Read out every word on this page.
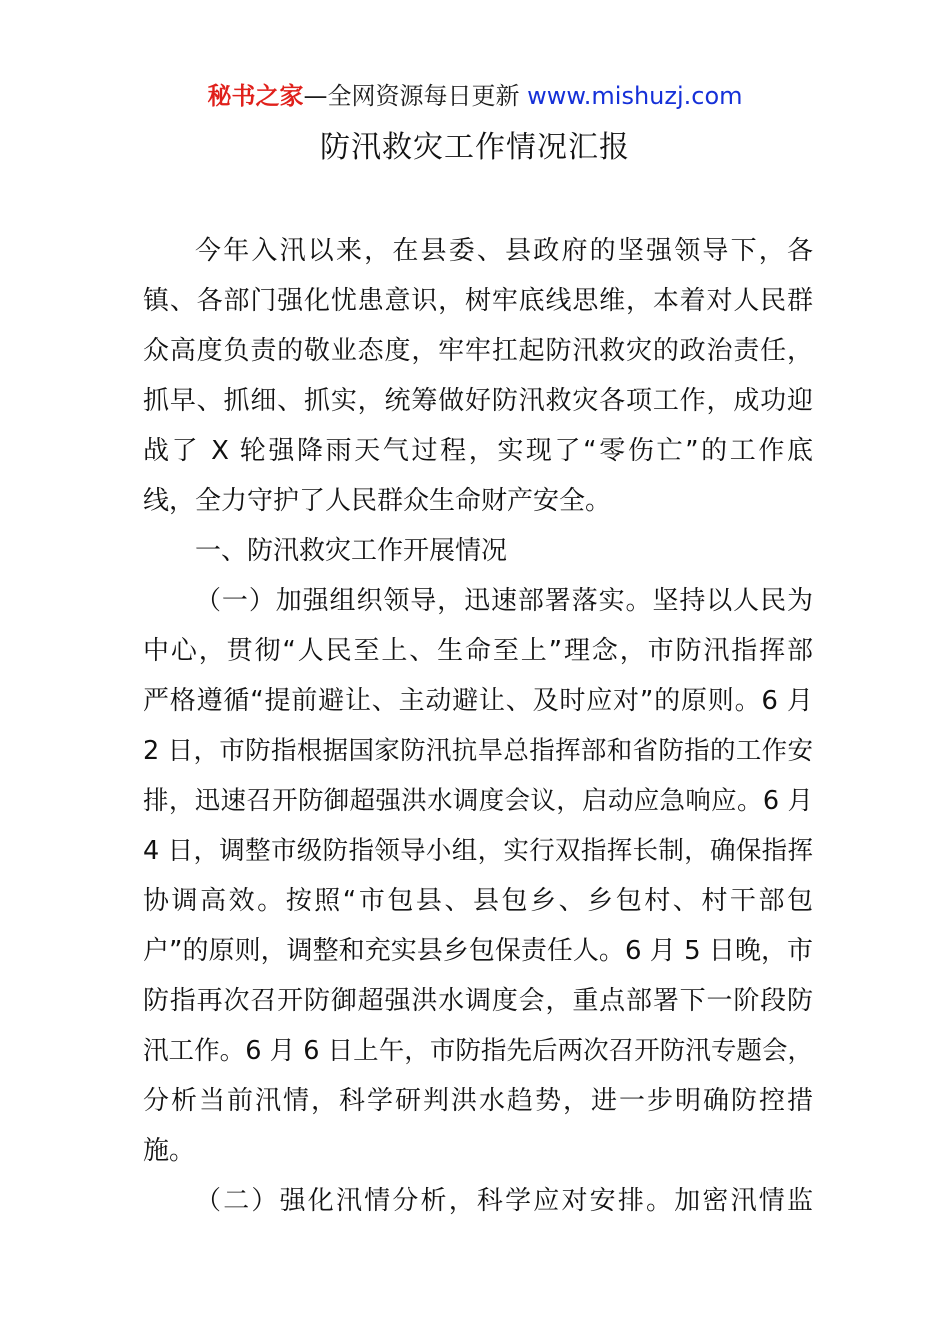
秘书之家—全网资源每日更新 www.mishuzj.com
防汛救灾工作情况汇报
今年入汛以来，在县委、县政府的坚强领导下，各
镇、各部门强化忧患意识，树牢底线思维，本着对人民群
众高度负责的敬业态度，牢牢扛起防汛救灾的政治责任，
抓早、抓细、抓实，统筹做好防汛救灾各项工作，成功迎
战了 X 轮强降雨天气过程，实现了“零伤亡”的工作底
线，全力守护了人民群众生命财产安全。
一、防汛救灾工作开展情况
（一）加强组织领导，迅速部署落实。坚持以人民为
中心，贯彻“人民至上、生命至上”理念，市防汛指挥部
严格遵循“提前避让、主动避让、及时应对”的原则。6 月
2 日，市防指根据国家防汛抗旱总指挥部和省防指的工作安
排，迅速召开防御超强洪水调度会议，启动应急响应。6 月
4 日，调整市级防指领导小组，实行双指挥长制，确保指挥
协调高效。按照“市包县、县包乡、乡包村、村干部包
户”的原则，调整和充实县乡包保责任人。6 月 5 日晚，市
防指再次召开防御超强洪水调度会，重点部署下一阶段防
汛工作。6 月 6 日上午，市防指先后两次召开防汛专题会，
分析当前汛情，科学研判洪水趋势，进一步明确防控措
施。
（二）强化汛情分析，科学应对安排。加密汛情监
